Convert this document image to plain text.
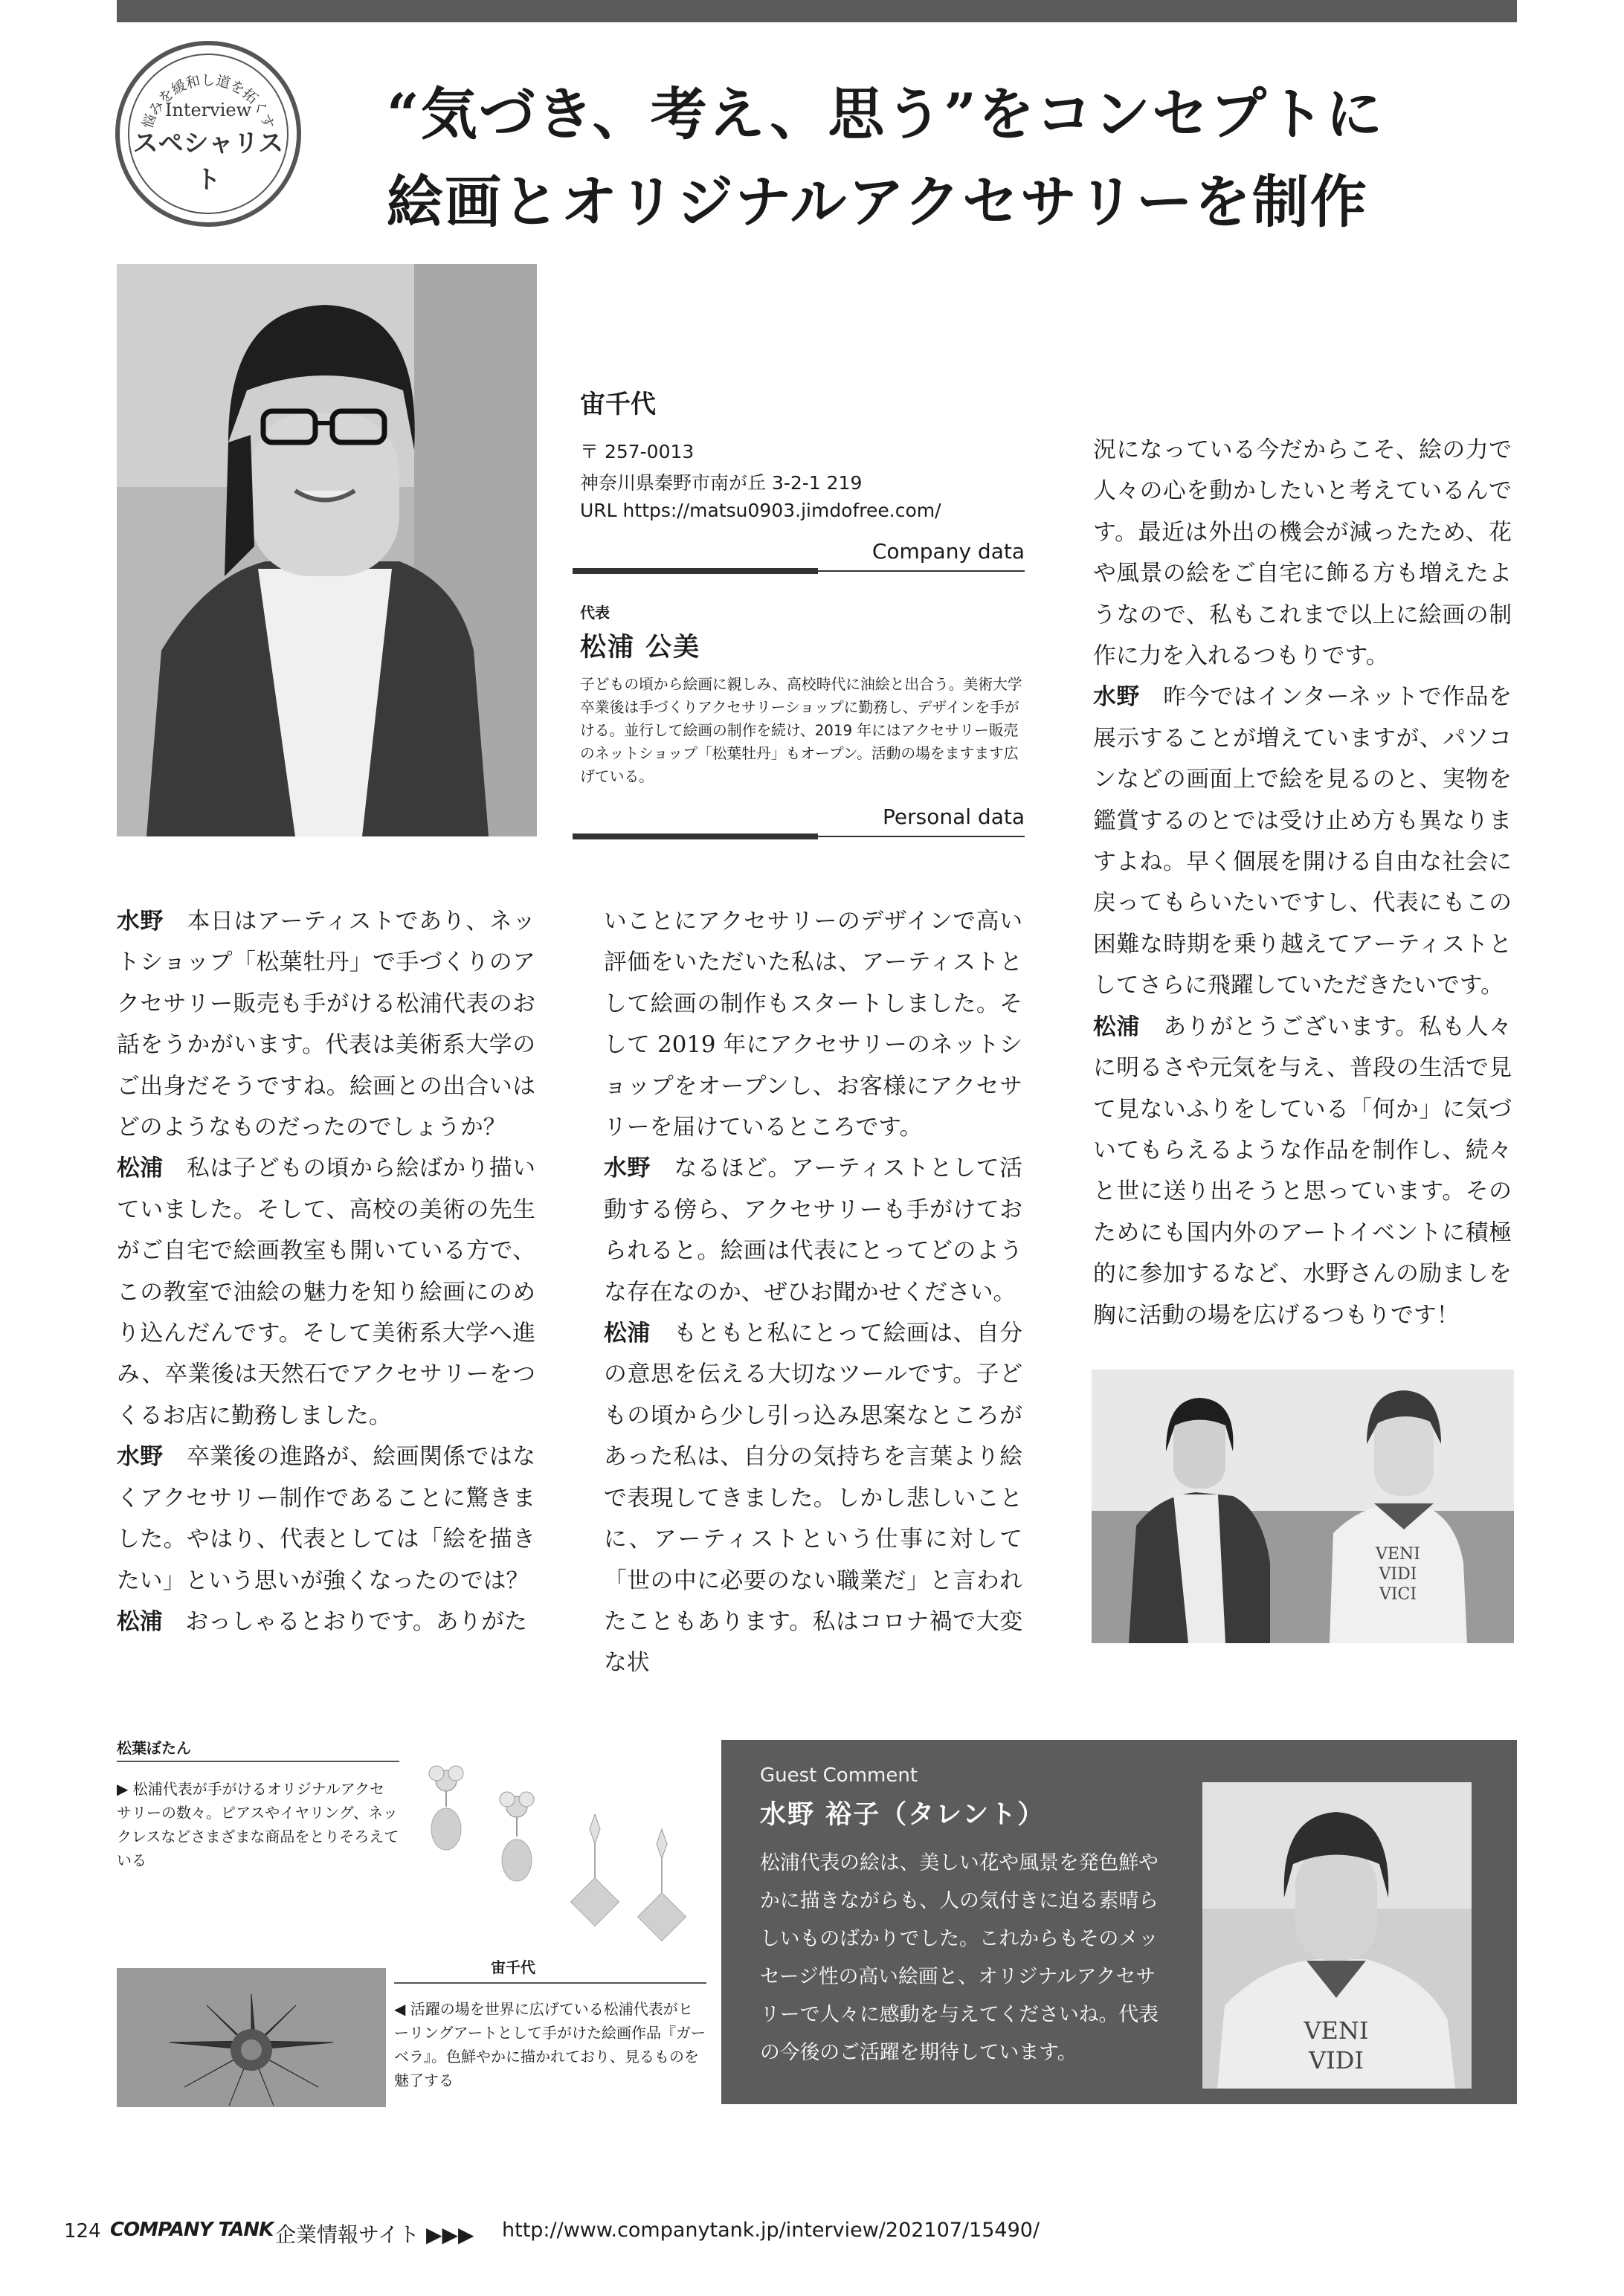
悩みを緩和し道を拓くす
Interview
スペシャリスト
“気づき、考え、思う”をコンセプトに
絵画とオリジナルアクセサリーを制作
宙千代
〒 257-0013
神奈川県秦野市南が丘 3-2-1 219
URL https://matsu0903.jimdofree.com/
Company data
代表
松浦 公美
子どもの頃から絵画に親しみ、高校時代に油絵と出合う。美術大学卒業後は手づくりアクセサリーショップに勤務し、デザインを手がける。並行して絵画の制作を続け、2019 年にはアクセサリー販売のネットショップ「松葉牡丹」もオープン。活動の場をますます広げている。
Personal data

水野　 本日はアーティストであり、ネットショップ「松葉牡丹」で手づくりのアクセサリー販売も手がける松浦代表のお話をうかがいます。代表は美術系大学のご出身だそうですね。絵画との出合いはどのようなものだったのでしょうか？

松浦　 私は子どもの頃から絵ばかり描いていました。そして、高校の美術の先生がご自宅で絵画教室も開いている方で、この教室で油絵の魅力を知り絵画にのめり込んだんです。そして美術系大学へ進み、卒業後は天然石でアクセサリーをつくるお店に勤務しました。

水野　 卒業後の進路が、絵画関係ではなくアクセサリー制作であることに驚きました。やはり、代表としては「絵を描きたい」という思いが強くなったのでは？

松浦　 おっしゃるとおりです。ありがた

いことにアクセサリーのデザインで高い評価をいただいた私は、アーティストとして絵画の制作もスタートしました。そして 2019 年にアクセサリーのネットショップをオープンし、お客様にアクセサリーを届けているところです。

水野　 なるほど。アーティストとして活動する傍ら、アクセサリーも手がけておられると。絵画は代表にとってどのような存在なのか、ぜひお聞かせください。

松浦　 もともと私にとって絵画は、自分の意思を伝える大切なツールです。子どもの頃から少し引っ込み思案なところがあった私は、自分の気持ちを言葉より絵で表現してきました。しかし悲しいことに、アーティストという仕事に対して「世の中に必要のない職業だ」と言われたこともあります。私はコロナ禍で大変な状

況になっている今だからこそ、絵の力で人々の心を動かしたいと考えているんです。最近は外出の機会が減ったため、花や風景の絵をご自宅に飾る方も増えたようなので、私もこれまで以上に絵画の制作に力を入れるつもりです。

水野　 昨今ではインターネットで作品を展示することが増えていますが、パソコンなどの画面上で絵を見るのと、実物を鑑賞するのとでは受け止め方も異なりますよね。早く個展を開ける自由な社会に戻ってもらいたいですし、代表にもこの困難な時期を乗り越えてアーティストとしてさらに飛躍していただきたいです。

松浦　 ありがとうございます。私も人々に明るさや元気を与え、普段の生活で見て見ないふりをしている「何か」に気づいてもらえるような作品を制作し、続々と世に送り出そうと思っています。そのためにも国内外のアートイベントに積極的に参加するなど、水野さんの励ましを胸に活動の場を広げるつもりです！

VENI
VIDI
VICI
松葉ぼたん
▶ 松浦代表が手がけるオリジナルアクセサリーの数々。ピアスやイヤリング、ネックレスなどさまざまな商品をとりそろえている
宙千代
◀ 活躍の場を世界に広げている松浦代表がヒーリングアートとして手がけた絵画作品『ガーベラ』。色鮮やかに描かれており、見るものを魅了する
Guest Comment
水野 裕子（タレント）
松浦代表の絵は、美しい花や風景を発色鮮やかに描きながらも、人の気付きに迫る素晴らしいものばかりでした。これからもそのメッセージ性の高い絵画と、オリジナルアクセサリーで人々に感動を与えてくださいね。代表の今後のご活躍を期待しています。
VENI
VIDI
124 COMPANY TANK 企業情報サイト ▶▶▶ http://www.companytank.jp/interview/202107/15490/
